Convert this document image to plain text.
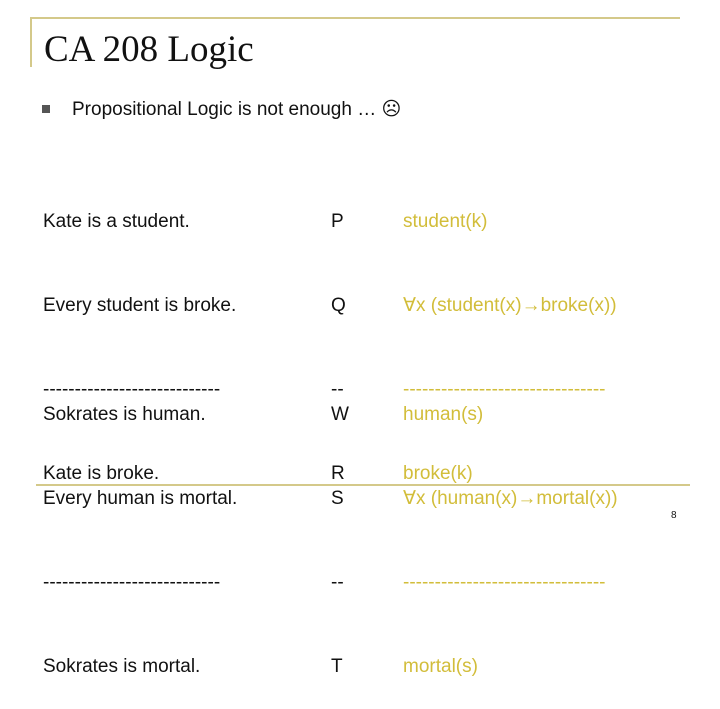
CA 208 Logic
Propositional Logic is not enough … ☹

Kate is a student.

Every student is broke.

----------------------------

Kate is broke.

P

Q

--

R

student(k)

∀x (student(x)→broke(x))

--------------------------------

broke(k)

Sokrates is human.

Every human is mortal.

----------------------------

Sokrates is mortal.

W

S

--

T

human(s)

∀x (human(x)→mortal(x))

--------------------------------

mortal(s)

8
